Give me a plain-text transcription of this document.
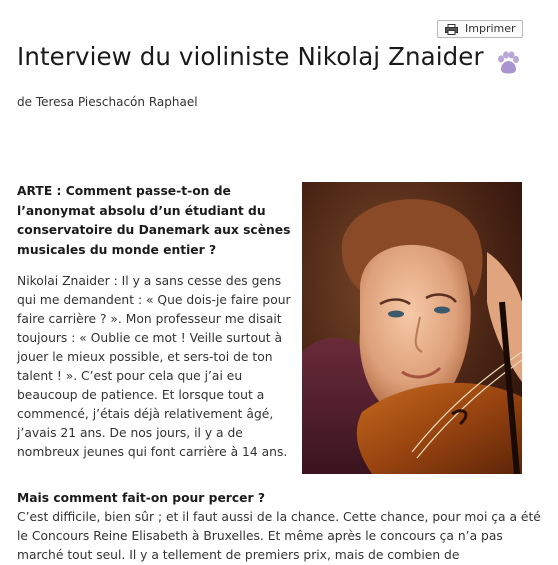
Imprimer
Interview du violiniste Nikolaj Znaider

de Teresa Pieschacón Raphael

ARTE : Comment passe-t-on de l’anonymat absolu d’un étudiant du conservatoire du Danemark aux scènes musicales du monde entier ?

Nikolai Znaider : Il y a sans cesse des gens qui me demandent : « Que dois-je faire pour faire carrière ? ». Mon professeur me disait toujours : « Oublie ce mot ! Veille surtout à jouer le mieux possible, et sers-toi de ton talent ! ». C’est pour cela que j’ai eu beaucoup de patience. Et lorsque tout a commencé, j’étais déjà relativement âgé, j’avais 21 ans. De nos jours, il y a de nombreux jeunes qui font carrière à 14 ans.

Mais comment fait-on pour percer ?

C’est difficile, bien sûr ; et il faut aussi de la chance. Cette chance, pour moi ça a été le Concours Reine Elisabeth à Bruxelles. Et même après le concours ça n’a pas marché tout seul. Il y a tellement de premiers prix, mais de combien de
